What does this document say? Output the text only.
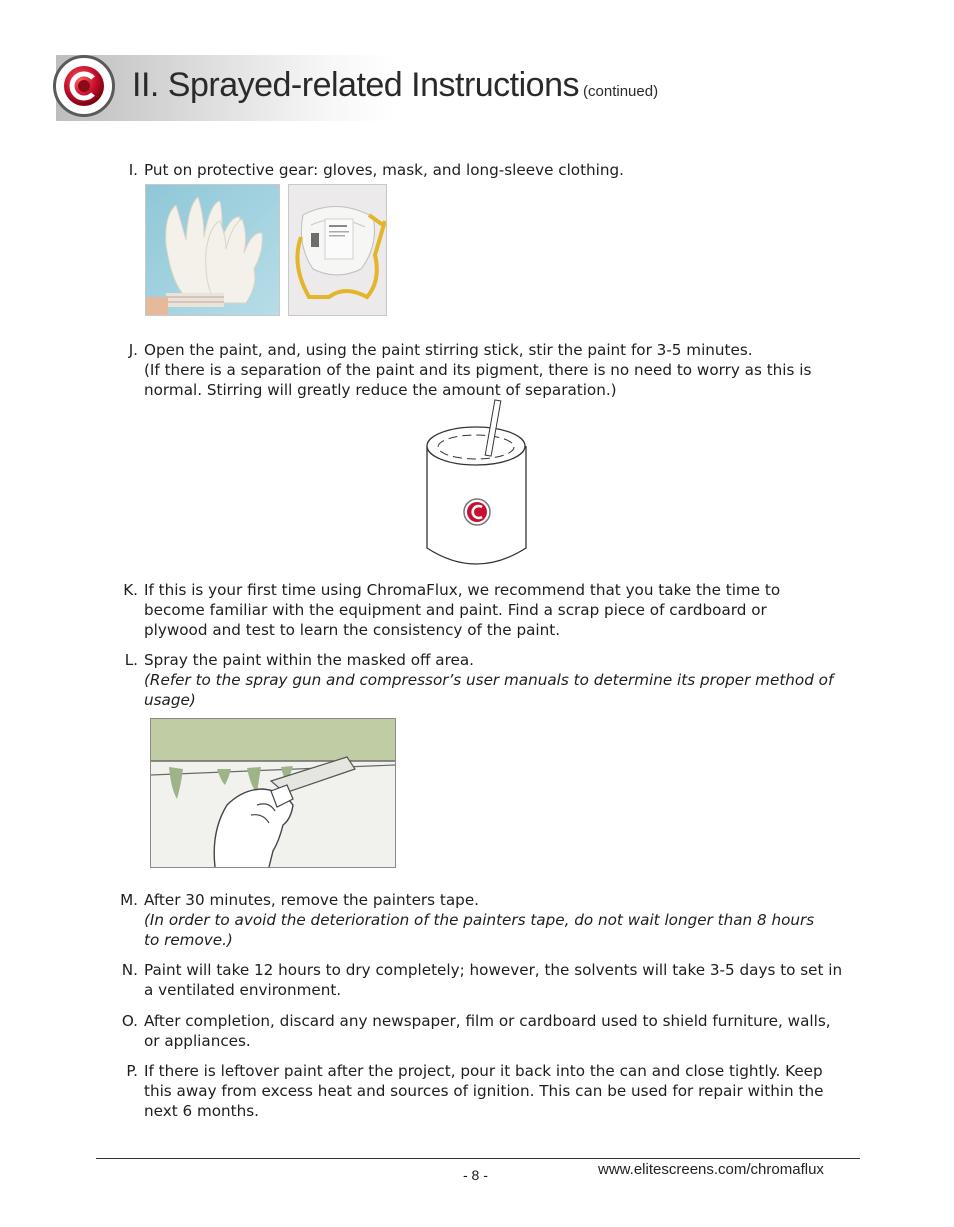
II. Sprayed-related Instructions (continued)
I. Put on protective gear: gloves, mask, and long-sleeve clothing.
J. Open the paint, and, using the paint stirring stick, stir the paint for 3-5 minutes.
(If there is a separation of the paint and its pigment, there is no need to worry as this is
normal. Stirring will greatly reduce the amount of separation.)
K. If this is your first time using ChromaFlux, we recommend that you take the time to
become familiar with the equipment and paint. Find a scrap piece of cardboard or
plywood and test to learn the consistency of the paint.
L. Spray the paint within the masked off area.
(Refer to the spray gun and compressor’s user manuals to determine its proper method of
usage)
M. After 30 minutes, remove the painters tape.
(In order to avoid the deterioration of the painters tape, do not wait longer than 8 hours
to remove.)
N. Paint will take 12 hours to dry completely; however, the solvents will take 3-5 days to set in
a ventilated environment.
O. After completion, discard any newspaper, film or cardboard used to shield furniture, walls,
or appliances.
P. If there is leftover paint after the project, pour it back into the can and close tightly. Keep
this away from excess heat and sources of ignition. This can be used for repair within the
next 6 months.
- 8 -	www.elitescreens.com/chromaflux
